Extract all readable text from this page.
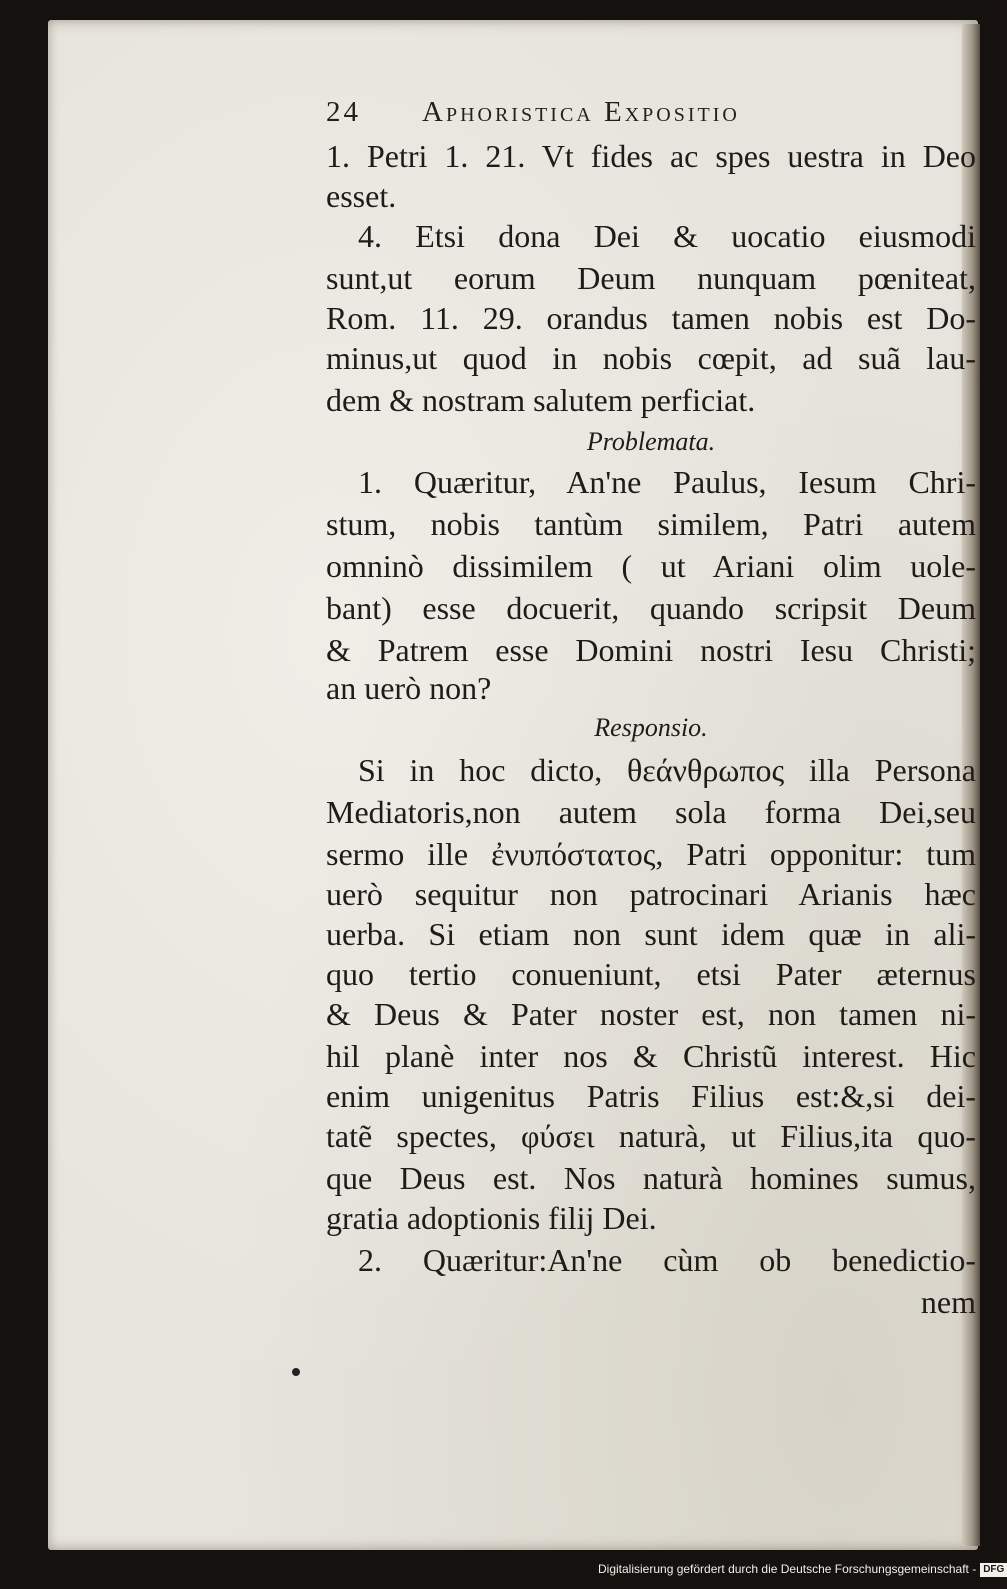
24 Aphoristica Expositio
1. Petri 1. 21. Vt fides ac spes uestra in Deo
esset.
4. Etsi dona Dei & uocatio eiusmodi
sunt,ut eorum Deum nunquam pœniteat,
Rom. 11. 29. orandus tamen nobis est Do-
minus,ut quod in nobis cœpit, ad suã lau-
dem & nostram salutem perficiat.
Problemata.
1. Quæritur, An'ne Paulus, Iesum Chri-
stum, nobis tantùm similem, Patri autem
omninò dissimilem ( ut Ariani olim uole-
bant) esse docuerit, quando scripsit Deum
& Patrem esse Domini nostri Iesu Christi;
an uerò non?
Responsio.
Si in hoc dicto, θεάνθρωπος illa Persona
Mediatoris,non autem sola forma Dei,seu
sermo ille ἐνυπόστατος, Patri opponitur: tum
uerò sequitur non patrocinari Arianis hæc
uerba. Si etiam non sunt idem quæ in ali-
quo tertio conueniunt, etsi Pater æternus
& Deus & Pater noster est, non tamen ni-
hil planè inter nos & Christũ interest. Hic
enim unigenitus Patris Filius est:&,si dei-
tatẽ spectes, φύσει naturà, ut Filius,ita quo-
que Deus est. Nos naturà homines sumus,
gratia adoptionis filij Dei.
2. Quæritur:An'ne cùm ob benedictio-
nem
Digitalisierung gefördert durch die Deutsche Forschungsgemeinschaft - DFG
